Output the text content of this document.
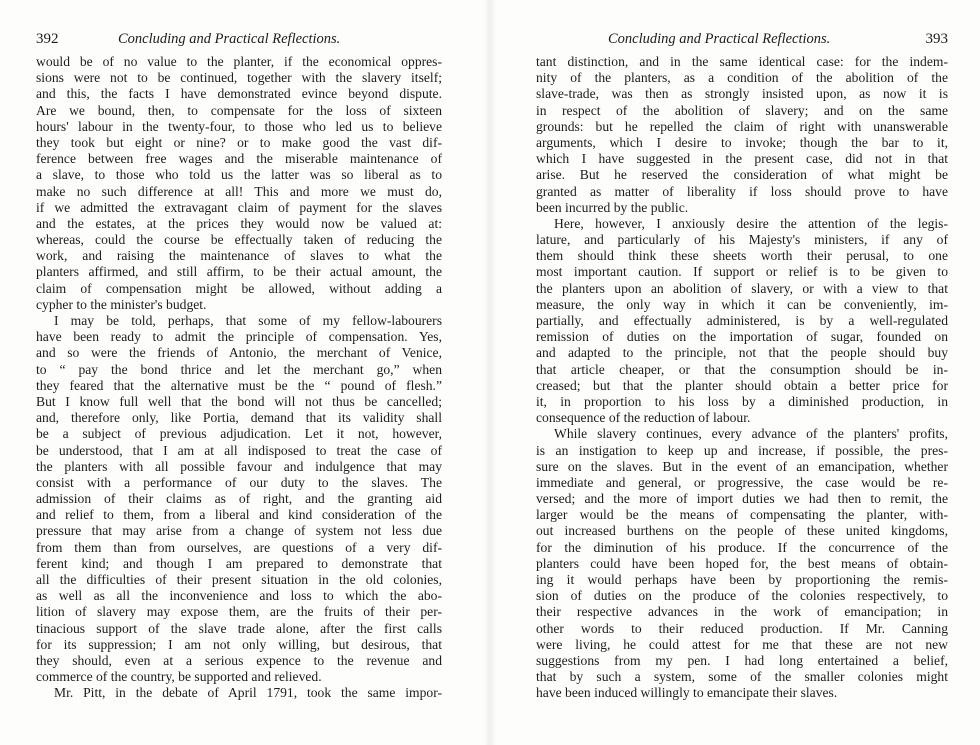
392	Concluding and Practical Reflections.
would be of no value to the planter, if the economical oppres-
sions were not to be continued, together with the slavery itself;
and this, the facts I have demonstrated evince beyond dispute.
Are we bound, then, to compensate for the loss of sixteen
hours' labour in the twenty-four, to those who led us to believe
they took but eight or nine? or to make good the vast dif-
ference between free wages and the miserable maintenance of
a slave, to those who told us the latter was so liberal as to
make no such difference at all! This and more we must do,
if we admitted the extravagant claim of payment for the slaves
and the estates, at the prices they would now be valued at:
whereas, could the course be effectually taken of reducing the
work, and raising the maintenance of slaves to what the
planters affirmed, and still affirm, to be their actual amount, the
claim of compensation might be allowed, without adding a
cypher to the minister's budget.
I may be told, perhaps, that some of my fellow-labourers
have been ready to admit the principle of compensation. Yes,
and so were the friends of Antonio, the merchant of Venice,
to “ pay the bond thrice and let the merchant go,” when
they feared that the alternative must be the “ pound of flesh.”
But I know full well that the bond will not thus be cancelled;
and, therefore only, like Portia, demand that its validity shall
be a subject of previous adjudication. Let it not, however,
be understood, that I am at all indisposed to treat the case of
the planters with all possible favour and indulgence that may
consist with a performance of our duty to the slaves. The
admission of their claims as of right, and the granting aid
and relief to them, from a liberal and kind consideration of the
pressure that may arise from a change of system not less due
from them than from ourselves, are questions of a very dif-
ferent kind; and though I am prepared to demonstrate that
all the difficulties of their present situation in the old colonies,
as well as all the inconvenience and loss to which the abo-
lition of slavery may expose them, are the fruits of their per-
tinacious support of the slave trade alone, after the first calls
for its suppression; I am not only willing, but desirous, that
they should, even at a serious expence to the revenue and
commerce of the country, be supported and relieved.
Mr. Pitt, in the debate of April 1791, took the same impor-
Concluding and Practical Reflections.	393
tant distinction, and in the same identical case: for the indem-
nity of the planters, as a condition of the abolition of the
slave-trade, was then as strongly insisted upon, as now it is
in respect of the abolition of slavery; and on the same
grounds: but he repelled the claim of right with unanswerable
arguments, which I desire to invoke; though the bar to it,
which I have suggested in the present case, did not in that
arise. But he reserved the consideration of what might be
granted as matter of liberality if loss should prove to have
been incurred by the public.
Here, however, I anxiously desire the attention of the legis-
lature, and particularly of his Majesty's ministers, if any of
them should think these sheets worth their perusal, to one
most important caution. If support or relief is to be given to
the planters upon an abolition of slavery, or with a view to that
measure, the only way in which it can be conveniently, im-
partially, and effectually administered, is by a well-regulated
remission of duties on the importation of sugar, founded on
and adapted to the principle, not that the people should buy
that article cheaper, or that the consumption should be in-
creased; but that the planter should obtain a better price for
it, in proportion to his loss by a diminished production, in
consequence of the reduction of labour.
While slavery continues, every advance of the planters' profits,
is an instigation to keep up and increase, if possible, the pres-
sure on the slaves. But in the event of an emancipation, whether
immediate and general, or progressive, the case would be re-
versed; and the more of import duties we had then to remit, the
larger would be the means of compensating the planter, with-
out increased burthens on the people of these united kingdoms,
for the diminution of his produce. If the concurrence of the
planters could have been hoped for, the best means of obtain-
ing it would perhaps have been by proportioning the remis-
sion of duties on the produce of the colonies respectively, to
their respective advances in the work of emancipation; in
other words to their reduced production. If Mr. Canning
were living, he could attest for me that these are not new
suggestions from my pen. I had long entertained a belief,
that by such a system, some of the smaller colonies might
have been induced willingly to emancipate their slaves.
